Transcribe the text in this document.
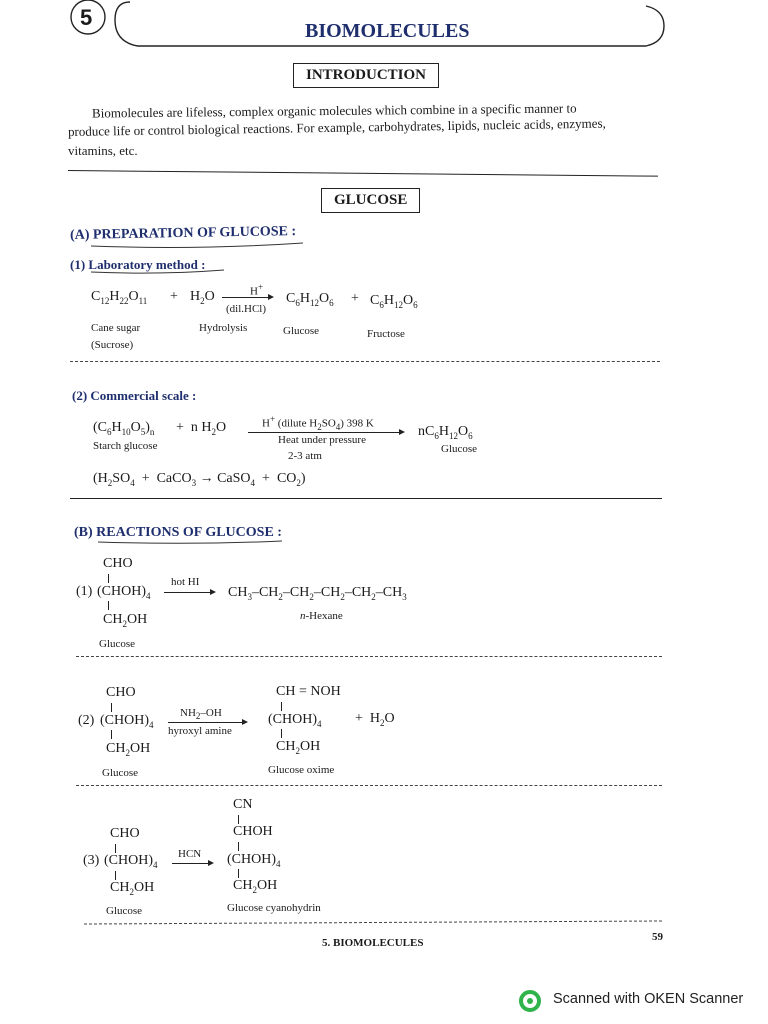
5
BIOMOLECULES
INTRODUCTION
Biomolecules are lifeless, complex organic molecules which combine in a specific manner to
produce life or control biological reactions. For example, carbohydrates, lipids, nucleic acids, enzymes,
vitamins, etc.
GLUCOSE
(A) PREPARATION OF GLUCOSE :
(1) Laboratory method :
$C_{12}H_{22}O_{11} + H_2O$	H+
(dil.HCl)
$C_6H_{12}O_6 + C_6H_{12}O_6$
Cane sugar
(Sucrose)
Hydrolysis	Glucose	Fructose
(2) Commercial scale :
$(C_6H_{10}O_5)_n + n$ $H_2O$
Starch glucose
H+ (dilute $H_2SO_4$) 398 K
Heat under pressure
2-3 atm
$nC_6H_{12}O_6$
Glucose
($H_2SO_4$  +  CaCO$_3$ → CaSO$_4$  +  $CO_2$)
(B) REACTIONS OF GLUCOSE :
CHO
(1) $(CHOH)_4$
$CH_2OH$
Glucose
hot HI
→ $CH_3-CH_2-CH_2-CH_2-CH_2-CH_3$
n-Hexane
CHO
(2) $(CHOH)_4$
$CH_2OH$
Glucose
$NH_2-OH$
hyroxyl amine
CH = NOH
$(CHOH)_4$
$CH_2OH$
Glucose oxime
+  $H_2O$
CN
CHOH
CHO
(3) $(CHOH)_4$
HCN → $(CHOH)_4$
$CH_2OH$	$CH_2OH$
Glucose	Glucose cyanohydrin
5. BIOMOLECULES	59
Scanned with OKEN Scanner
